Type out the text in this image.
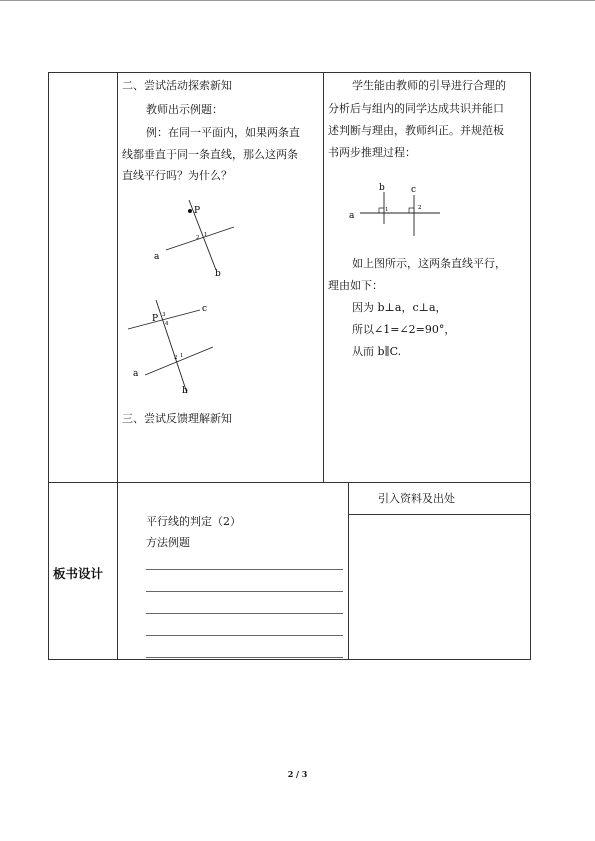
二、尝试活动探索新知
教师出示例题：
例：在同一平面内，如果两条直
线都垂直于同一条直线，那么这两条
直线平行吗？为什么？
P
2 1
a
b
P 3
4
c
2 1
a
b
三、尝试反馈理解新知
学生能由教师的引导进行合理的
分析后与组内的同学达成共识并能口
述判断与理由，教师纠正。并规范板
书两步推理过程：
a
b	c
1	2
如上图所示，这两条直线平行，
理由如下：
因为 b⊥a，c⊥a，
所以∠1=∠2=90°，
从而 b∥C.
板书设计
平行线的判定（2）
方法例题
引入资料及出处
2 / 3
